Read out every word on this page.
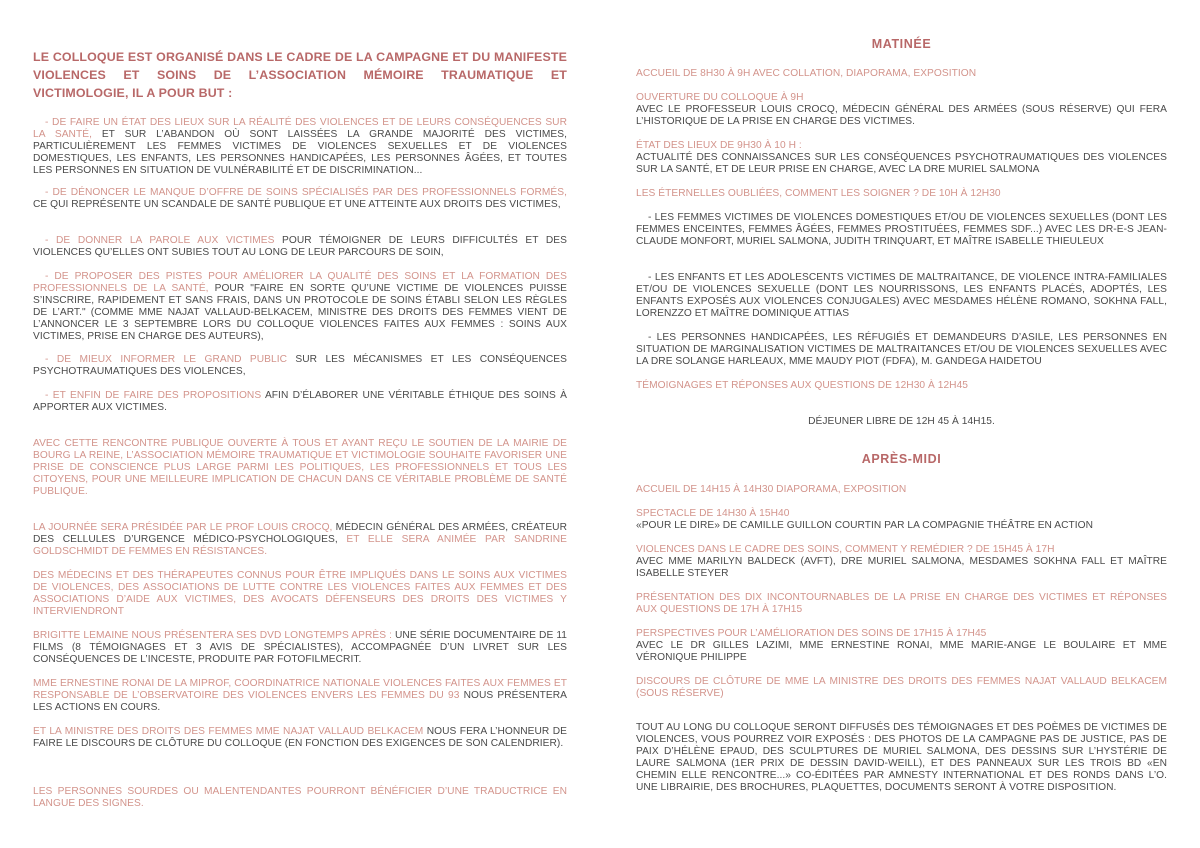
LE COLLOQUE EST ORGANISÉ DANS LE CADRE DE LA CAMPAGNE ET DU MANIFESTE VIOLENCES ET SOINS DE L’ASSOCIATION MÉMOIRE TRAUMATIQUE ET VICTIMOLOGIE, IL A POUR BUT :
- DE FAIRE UN ÉTAT DES LIEUX SUR LA RÉALITÉ DES VIOLENCES ET DE LEURS CONSÉQUENCES SUR LA SANTÉ, ET SUR L’ABANDON OÙ SONT LAISSÉES LA GRANDE MAJORITÉ DES VICTIMES, PARTICULIÈREMENT LES FEMMES VICTIMES DE VIOLENCES SEXUELLES ET DE VIOLENCES DOMESTIQUES, LES ENFANTS, LES PERSONNES HANDICAPÉES, LES PERSONNES ÂGÉES, ET TOUTES LES PERSONNES EN SITUATION DE VULNÉRABILITÉ ET DE DISCRIMINATION...
- DE DÉNONCER LE MANQUE D’OFFRE DE SOINS SPÉCIALISÉS PAR DES PROFESSIONNELS FORMÉS, CE QUI REPRÉSENTE UN SCANDALE DE SANTÉ PUBLIQUE ET UNE ATTEINTE AUX DROITS DES VICTIMES,
- DE DONNER LA PAROLE AUX VICTIMES POUR TÉMOIGNER DE LEURS DIFFICULTÉS ET DES VIOLENCES QU’ELLES ONT SUBIES TOUT AU LONG DE LEUR PARCOURS DE SOIN,
- DE PROPOSER DES PISTES POUR AMÉLIORER LA QUALITÉ DES SOINS ET LA FORMATION DES PROFESSIONNELS DE LA SANTÉ, POUR "FAIRE EN SORTE QU’UNE VICTIME DE VIOLENCES PUISSE S’INSCRIRE, RAPIDEMENT ET SANS FRAIS, DANS UN PROTOCOLE DE SOINS ÉTABLI SELON LES RÈGLES DE L’ART." (COMME MME NAJAT VALLAUD-BELKACEM, MINISTRE DES DROITS DES FEMMES VIENT DE L’ANNONCER LE 3 SEPTEMBRE LORS DU COLLOQUE VIOLENCES FAITES AUX FEMMES : SOINS AUX VICTIMES, PRISE EN CHARGE DES AUTEURS),
- DE MIEUX INFORMER LE GRAND PUBLIC SUR LES MÉCANISMES ET LES CONSÉQUENCES PSYCHOTRAUMATIQUES DES VIOLENCES,
- ET ENFIN DE FAIRE DES PROPOSITIONS AFIN D’ÉLABORER UNE VÉRITABLE ÉTHIQUE DES SOINS À APPORTER AUX VICTIMES.
AVEC CETTE RENCONTRE PUBLIQUE OUVERTE À TOUS ET AYANT REÇU LE SOUTIEN DE LA MAIRIE DE BOURG LA REINE, L’ASSOCIATION MÉMOIRE TRAUMATIQUE ET VICTIMOLOGIE SOUHAITE FAVORISER UNE PRISE DE CONSCIENCE PLUS LARGE PARMI LES POLITIQUES, LES PROFESSIONNELS ET TOUS LES CITOYENS, POUR UNE MEILLEURE IMPLICATION DE CHACUN DANS CE VÉRITABLE PROBLÈME DE SANTÉ PUBLIQUE.
LA JOURNÉE SERA PRÉSIDÉE PAR LE PROF LOUIS CROCQ, MÉDECIN GÉNÉRAL DES ARMÉES, CRÉATEUR DES CELLULES D’URGENCE MÉDICO-PSYCHOLOGIQUES, ET ELLE SERA ANIMÉE PAR SANDRINE GOLDSCHMIDT DE FEMMES EN RÉSISTANCES.
DES MÉDECINS ET DES THÉRAPEUTES CONNUS POUR ÊTRE IMPLIQUÉS DANS LE SOINS AUX VICTIMES DE VIOLENCES, DES ASSOCIATIONS DE LUTTE CONTRE LES VIOLENCES FAITES AUX FEMMES ET DES ASSOCIATIONS D’AIDE AUX VICTIMES, DES AVOCATS DÉFENSEURS DES DROITS DES VICTIMES Y INTERVIENDRONT
BRIGITTE LEMAINE NOUS PRÉSENTERA SES DVD LONGTEMPS APRÈS : UNE SÉRIE DOCUMENTAIRE DE 11 FILMS (8 TÉMOIGNAGES ET 3 AVIS DE SPÉCIALISTES), ACCOMPAGNÉE D’UN LIVRET SUR LES CONSÉQUENCES DE L’INCESTE, PRODUITE PAR FOTOFILMECRIT.
MME ERNESTINE RONAI DE LA MIPROF, COORDINATRICE NATIONALE VIOLENCES FAITES AUX FEMMES ET RESPONSABLE DE L’OBSERVATOIRE DES VIOLENCES ENVERS LES FEMMES DU 93 NOUS PRÉSENTERA LES ACTIONS EN COURS.
ET LA MINISTRE DES DROITS DES FEMMES MME NAJAT VALLAUD BELKACEM NOUS FERA L’HONNEUR DE FAIRE LE DISCOURS DE CLÔTURE DU COLLOQUE (EN FONCTION DES EXIGENCES DE SON CALENDRIER).
LES PERSONNES SOURDES OU MALENTENDANTES POURRONT BÉNÉFICIER D’UNE TRADUCTRICE EN LANGUE DES SIGNES.
MATINÉE
ACCUEIL DE 8H30 À 9H AVEC COLLATION, DIAPORAMA, EXPOSITION
OUVERTURE DU COLLOQUE À 9H
AVEC LE PROFESSEUR LOUIS CROCQ, MÉDECIN GÉNÉRAL DES ARMÉES (SOUS RÉSERVE) QUI FERA L’HISTORIQUE DE LA PRISE EN CHARGE DES VICTIMES.
ÉTAT DES LIEUX DE 9H30 À 10 H :
ACTUALITÉ DES CONNAISSANCES SUR LES CONSÉQUENCES PSYCHOTRAUMATIQUES DES VIOLENCES SUR LA SANTÉ, ET DE LEUR PRISE EN CHARGE, AVEC LA DRE MURIEL SALMONA
LES ÉTERNELLES OUBLIÉES, COMMENT LES SOIGNER ? DE 10H À 12H30
- LES FEMMES VICTIMES DE VIOLENCES DOMESTIQUES ET/OU DE VIOLENCES SEXUELLES (DONT LES FEMMES ENCEINTES, FEMMES ÂGÉES, FEMMES PROSTITUÉES, FEMMES SDF...) AVEC LES DR-E-S JEAN-CLAUDE MONFORT, MURIEL SALMONA, JUDITH TRINQUART, ET MAÎTRE ISABELLE THIEULEUX
- LES ENFANTS ET LES ADOLESCENTS VICTIMES DE MALTRAITANCE, DE VIOLENCE INTRA-FAMILIALES ET/OU DE VIOLENCES SEXUELLE (DONT LES NOURRISSONS, LES ENFANTS PLACÉS, ADOPTÉS, LES ENFANTS EXPOSÉS AUX VIOLENCES CONJUGALES) AVEC MESDAMES HÉLÈNE ROMANO, SOKHNA FALL, LORENZZO ET MAÎTRE DOMINIQUE ATTIAS
- LES PERSONNES HANDICAPÉES, LES RÉFUGIÉS ET DEMANDEURS D’ASILE, LES PERSONNES EN SITUATION DE MARGINALISATION VICTIMES DE MALTRAITANCES ET/OU DE VIOLENCES SEXUELLES AVEC LA DRE SOLANGE HARLEAUX, MME MAUDY PIOT (FDFA), M. GANDEGA HAIDETOU
TÉMOIGNAGES ET RÉPONSES AUX QUESTIONS DE 12H30 À 12H45
DÉJEUNER LIBRE DE 12H 45 À 14H15.
APRÈS-MIDI
ACCUEIL DE 14H15 À 14H30 DIAPORAMA, EXPOSITION
SPECTACLE DE 14H30 À 15H40
«POUR LE DIRE» DE CAMILLE GUILLON COURTIN PAR LA COMPAGNIE THÉÂTRE EN ACTION
VIOLENCES DANS LE CADRE DES SOINS, COMMENT Y REMÉDIER ? DE 15H45 À 17H
AVEC MME MARILYN BALDECK (AVFT), DRE MURIEL SALMONA, MESDAMES SOKHNA FALL ET MAÎTRE ISABELLE STEYER
PRÉSENTATION DES DIX INCONTOURNABLES DE LA PRISE EN CHARGE DES VICTIMES ET RÉPONSES AUX QUESTIONS DE 17H À 17H15
PERSPECTIVES POUR L’AMÉLIORATION DES SOINS DE 17H15 À 17H45
AVEC LE DR GILLES LAZIMI, MME ERNESTINE RONAI, MME MARIE-ANGE LE BOULAIRE ET MME VÉRONIQUE PHILIPPE
DISCOURS DE CLÔTURE DE MME LA MINISTRE DES DROITS DES FEMMES NAJAT VALLAUD BELKACEM (SOUS RÉSERVE)
TOUT AU LONG DU COLLOQUE SERONT DIFFUSÉS DES TÉMOIGNAGES ET DES POÈMES DE VICTIMES DE VIOLENCES, VOUS POURREZ VOIR EXPOSÉS : DES PHOTOS DE LA CAMPAGNE PAS DE JUSTICE, PAS DE PAIX D’HÉLÈNE EPAUD, DES SCULPTURES DE MURIEL SALMONA, DES DESSINS SUR L’HYSTÉRIE DE LAURE SALMONA (1ER PRIX DE DESSIN DAVID-WEILL), ET DES PANNEAUX SUR LES TROIS BD «EN CHEMIN ELLE RENCONTRE...» CO-ÉDITÉES PAR AMNESTY INTERNATIONAL ET DES RONDS DANS L’O. UNE LIBRAIRIE, DES BROCHURES, PLAQUETTES, DOCUMENTS SERONT À VOTRE DISPOSITION.
